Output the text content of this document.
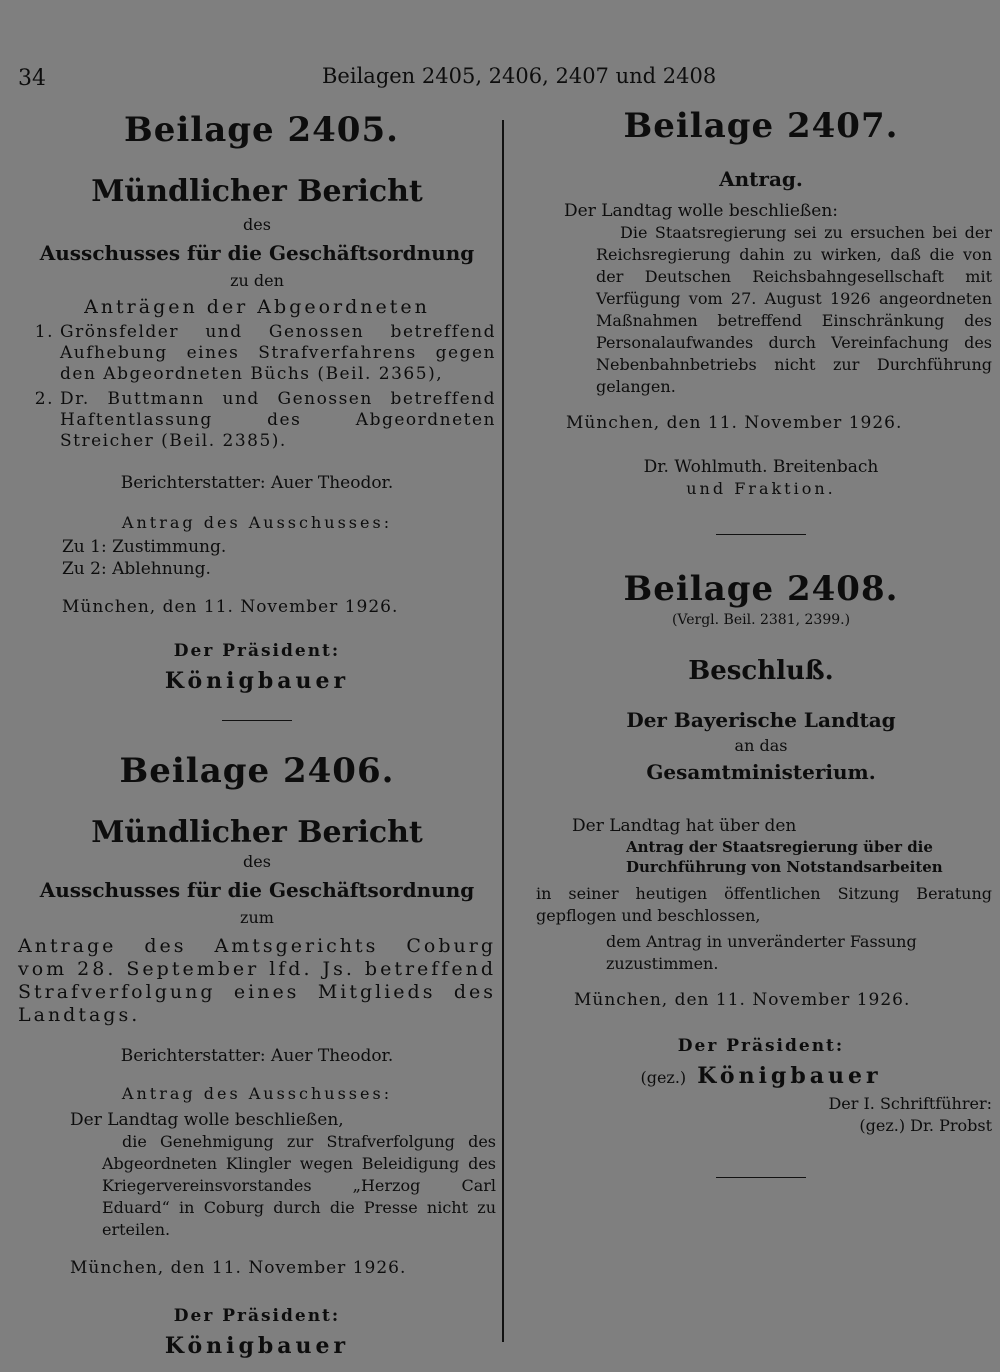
34	Beilagen 2405, 2406, 2407 und 2408

Beilage 2405.

Mündlicher Bericht

des

Ausschusses für die Geschäftsordnung

zu den

Anträgen der Abgeordneten

1. Grönsfelder und Genossen betreffend Aufhebung eines Strafverfahrens gegen den Abgeordneten Büchs (Beil. 2365),
2. Dr. Buttmann und Genossen betreffend Haftentlassung des Abgeordneten Streicher (Beil. 2385).

Berichterstatter: Auer Theodor.

Antrag des Ausschusses:

Zu 1: Zustimmung.

Zu 2: Ablehnung.

München, den 11. November 1926.

Der Präsident:

Königbauer

Beilage 2406.

Mündlicher Bericht

des

Ausschusses für die Geschäftsordnung

zum

Antrage des Amtsgerichts Coburg vom 28. September lfd. Js. betreffend Strafverfolgung eines Mitglieds des Landtags.

Berichterstatter: Auer Theodor.

Antrag des Ausschusses:

Der Landtag wolle beschließen,

die Genehmigung zur Strafverfolgung des Abgeordneten Klingler wegen Beleidigung des Kriegervereinsvorstandes „Herzog Carl Eduard“ in Coburg durch die Presse nicht zu erteilen.

München, den 11. November 1926.

Der Präsident:

Königbauer

Beilage 2407.

Antrag.

Der Landtag wolle beschließen:

Die Staatsregierung sei zu ersuchen bei der Reichsregierung dahin zu wirken, daß die von der Deutschen Reichsbahngesellschaft mit Verfügung vom 27. August 1926 angeordneten Maßnahmen betreffend Einschränkung des Personalaufwandes durch Vereinfachung des Nebenbahnbetriebs nicht zur Durchführung gelangen.

München, den 11. November 1926.

Dr. Wohlmuth. Breitenbach

und Fraktion.

Beilage 2408.

(Vergl. Beil. 2381, 2399.)

Beschluß.

Der Bayerische Landtag

an das

Gesamtministerium.

Der Landtag hat über den

Antrag der Staatsregierung über die Durchführung von Notstandsarbeiten

in seiner heutigen öffentlichen Sitzung Beratung gepflogen und beschlossen,

dem Antrag in unveränderter Fassung zuzustimmen.

München, den 11. November 1926.

Der Präsident:

(gez.) Königbauer

Der I. Schriftführer:

(gez.) Dr. Probst
